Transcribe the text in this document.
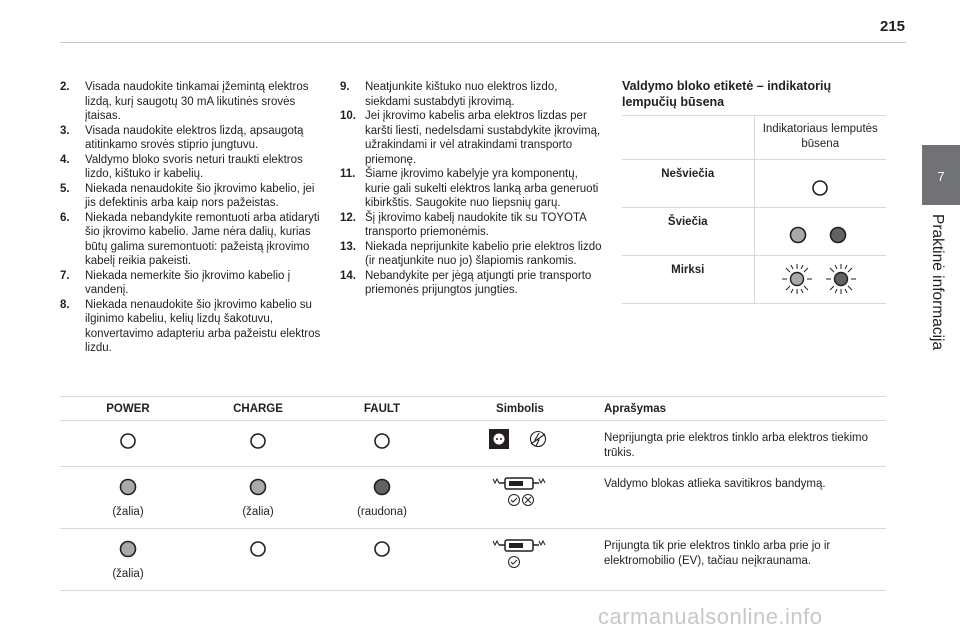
215
7
Praktinė informacija
2.	Visada naudokite tinkamai įžemintą elektros lizdą, kurį saugotų 30 mA likutinės srovės įtaisas.
3.	Visada naudokite elektros lizdą, apsaugotą atitinkamo srovės stiprio jungtuvu.
4.	Valdymo bloko svoris neturi traukti elektros lizdo, kištuko ir kabelių.
5.	Niekada nenaudokite šio įkrovimo kabelio, jei jis defektinis arba kaip nors pažeistas.
6.	Niekada nebandykite remontuoti arba atidaryti šio įkrovimo kabelio. Jame nėra dalių, kurias būtų galima suremontuoti: pažeistą įkrovimo kabelį reikia pakeisti.
7.	Niekada nemerkite šio įkrovimo kabelio į vandenį.
8.	Niekada nenaudokite šio įkrovimo kabelio su ilginimo kabeliu, kelių lizdų šakotuvu, konvertavimo adapteriu arba pažeistu elektros lizdu.
9.	Neatjunkite kištuko nuo elektros lizdo, siekdami sustabdyti įkrovimą.
10. Jei įkrovimo kabelis arba elektros lizdas per karšti liesti, nedelsdami sustabdykite įkrovimą, užrakindami ir vėl atrakindami transporto priemonę.
11. Šiame įkrovimo kabelyje yra komponentų, kurie gali sukelti elektros lanką arba generuoti kibirkštis. Saugokite nuo liepsnių garų.
12. Šį įkrovimo kabelį naudokite tik su TOYOTA transporto priemonėmis.
13. Niekada neprijunkite kabelio prie elektros lizdo (ir neatjunkite nuo jo) šlapiomis rankomis.
14. Nebandykite per jėgą atjungti prie transporto priemonės prijungtos jungties.
Valdymo bloko etiketė – indikatorių lempučių būsena
	Indikatoriaus lemputės būsena
Nešviečia	
Šviečia	
Mirksi	
POWER	CHARGE	FAULT	Simbolis	Aprašymas
				Neprijungta prie elektros tinklo arba elektros tiekimo trūkis.

(žalia)	(žalia)	(raudona)		Valdymo blokas atlieka savitikros bandymą.

(žalia)				Prijungta tik prie elektros tinklo arba prie jo ir elektromobilio (EV), tačiau neįkraunama.
carmanualsonline.info
